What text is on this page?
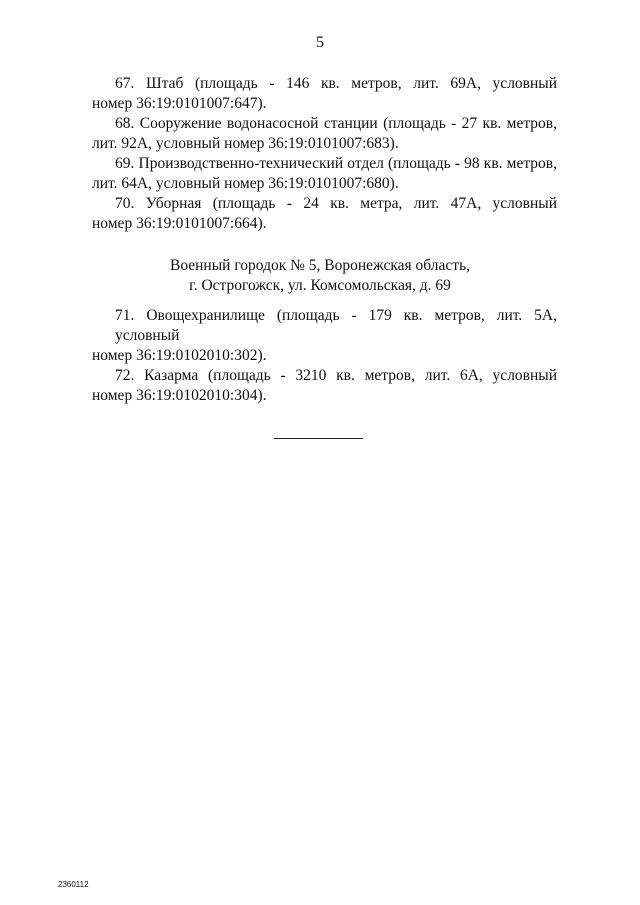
5

67. Штаб (площадь - 146 кв. метров, лит. 69А, условный
номер 36:19:0101007:647).

68. Сооружение водонасосной станции (площадь - 27 кв. метров,
лит. 92А, условный номер 36:19:0101007:683).

69. Производственно-технический отдел (площадь - 98 кв. метров,
лит. 64А, условный номер 36:19:0101007:680).

70. Уборная (площадь - 24 кв. метра, лит. 47А, условный
номер 36:19:0101007:664).

Военный городок № 5, Воронежская область,
г. Острогожск, ул. Комсомольская, д. 69

71. Овощехранилище (площадь - 179 кв. метров, лит. 5А, условный
номер 36:19:0102010:302).

72. Казарма (площадь - 3210 кв. метров, лит. 6А, условный
номер 36:19:0102010:304).

2360112
